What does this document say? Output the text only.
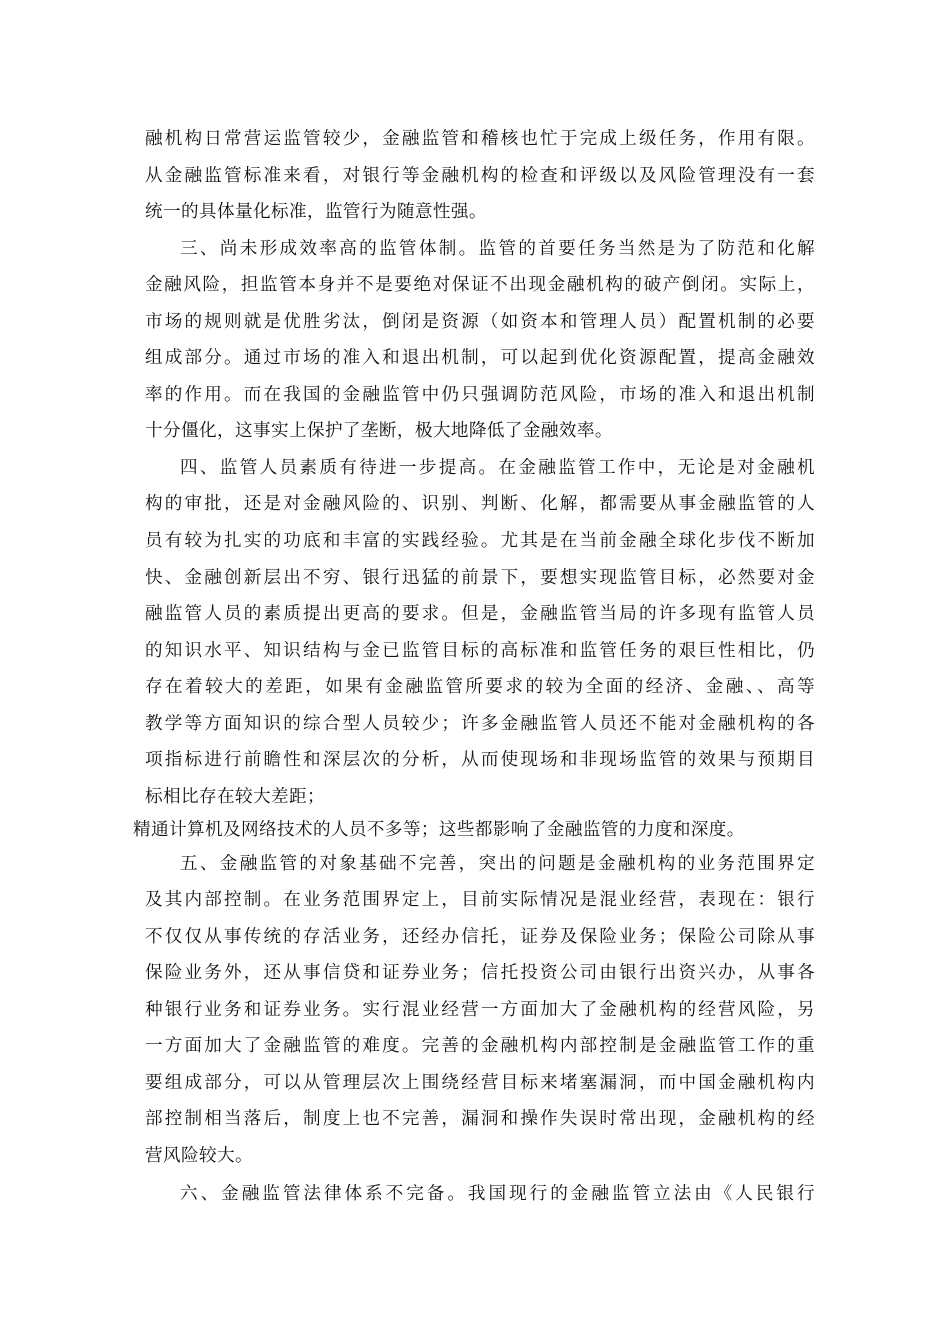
融机构日常营运监管较少，金融监管和稽核也忙于完成上级任务，作用有限。
从金融监管标准来看，对银行等金融机构的检查和评级以及风险管理没有一套
统一的具体量化标准，监管行为随意性强。
三、尚未形成效率高的监管体制。监管的首要任务当然是为了防范和化解
金融风险，担监管本身并不是要绝对保证不出现金融机构的破产倒闭。实际上，
市场的规则就是优胜劣汰，倒闭是资源（如资本和管理人员）配置机制的必要
组成部分。通过市场的准入和退出机制，可以起到优化资源配置，提高金融效
率的作用。而在我国的金融监管中仍只强调防范风险，市场的准入和退出机制
十分僵化，这事实上保护了垄断，极大地降低了金融效率。
四、监管人员素质有待进一步提高。在金融监管工作中，无论是对金融机
构的审批，还是对金融风险的、识别、判断、化解，都需要从事金融监管的人
员有较为扎实的功底和丰富的实践经验。尤其是在当前金融全球化步伐不断加
快、金融创新层出不穷、银行迅猛的前景下，要想实现监管目标，必然要对金
融监管人员的素质提出更高的要求。但是，金融监管当局的许多现有监管人员
的知识水平、知识结构与金已监管目标的高标准和监管任务的艰巨性相比，仍
存在着较大的差距，如果有金融监管所要求的较为全面的经济、金融、、高等
教学等方面知识的综合型人员较少；许多金融监管人员还不能对金融机构的各
项指标进行前瞻性和深层次的分析，从而使现场和非现场监管的效果与预期目
标相比存在较大差距；
精通计算机及网络技术的人员不多等；这些都影响了金融监管的力度和深度。
五、金融监管的对象基础不完善，突出的问题是金融机构的业务范围界定
及其内部控制。在业务范围界定上，目前实际情况是混业经营，表现在：银行
不仅仅从事传统的存活业务，还经办信托，证券及保险业务；保险公司除从事
保险业务外，还从事信贷和证券业务；信托投资公司由银行出资兴办，从事各
种银行业务和证券业务。实行混业经营一方面加大了金融机构的经营风险，另
一方面加大了金融监管的难度。完善的金融机构内部控制是金融监管工作的重
要组成部分，可以从管理层次上围绕经营目标来堵塞漏洞，而中国金融机构内
部控制相当落后，制度上也不完善，漏洞和操作失误时常出现，金融机构的经
营风险较大。
六、金融监管法律体系不完备。我国现行的金融监管立法由《人民银行
